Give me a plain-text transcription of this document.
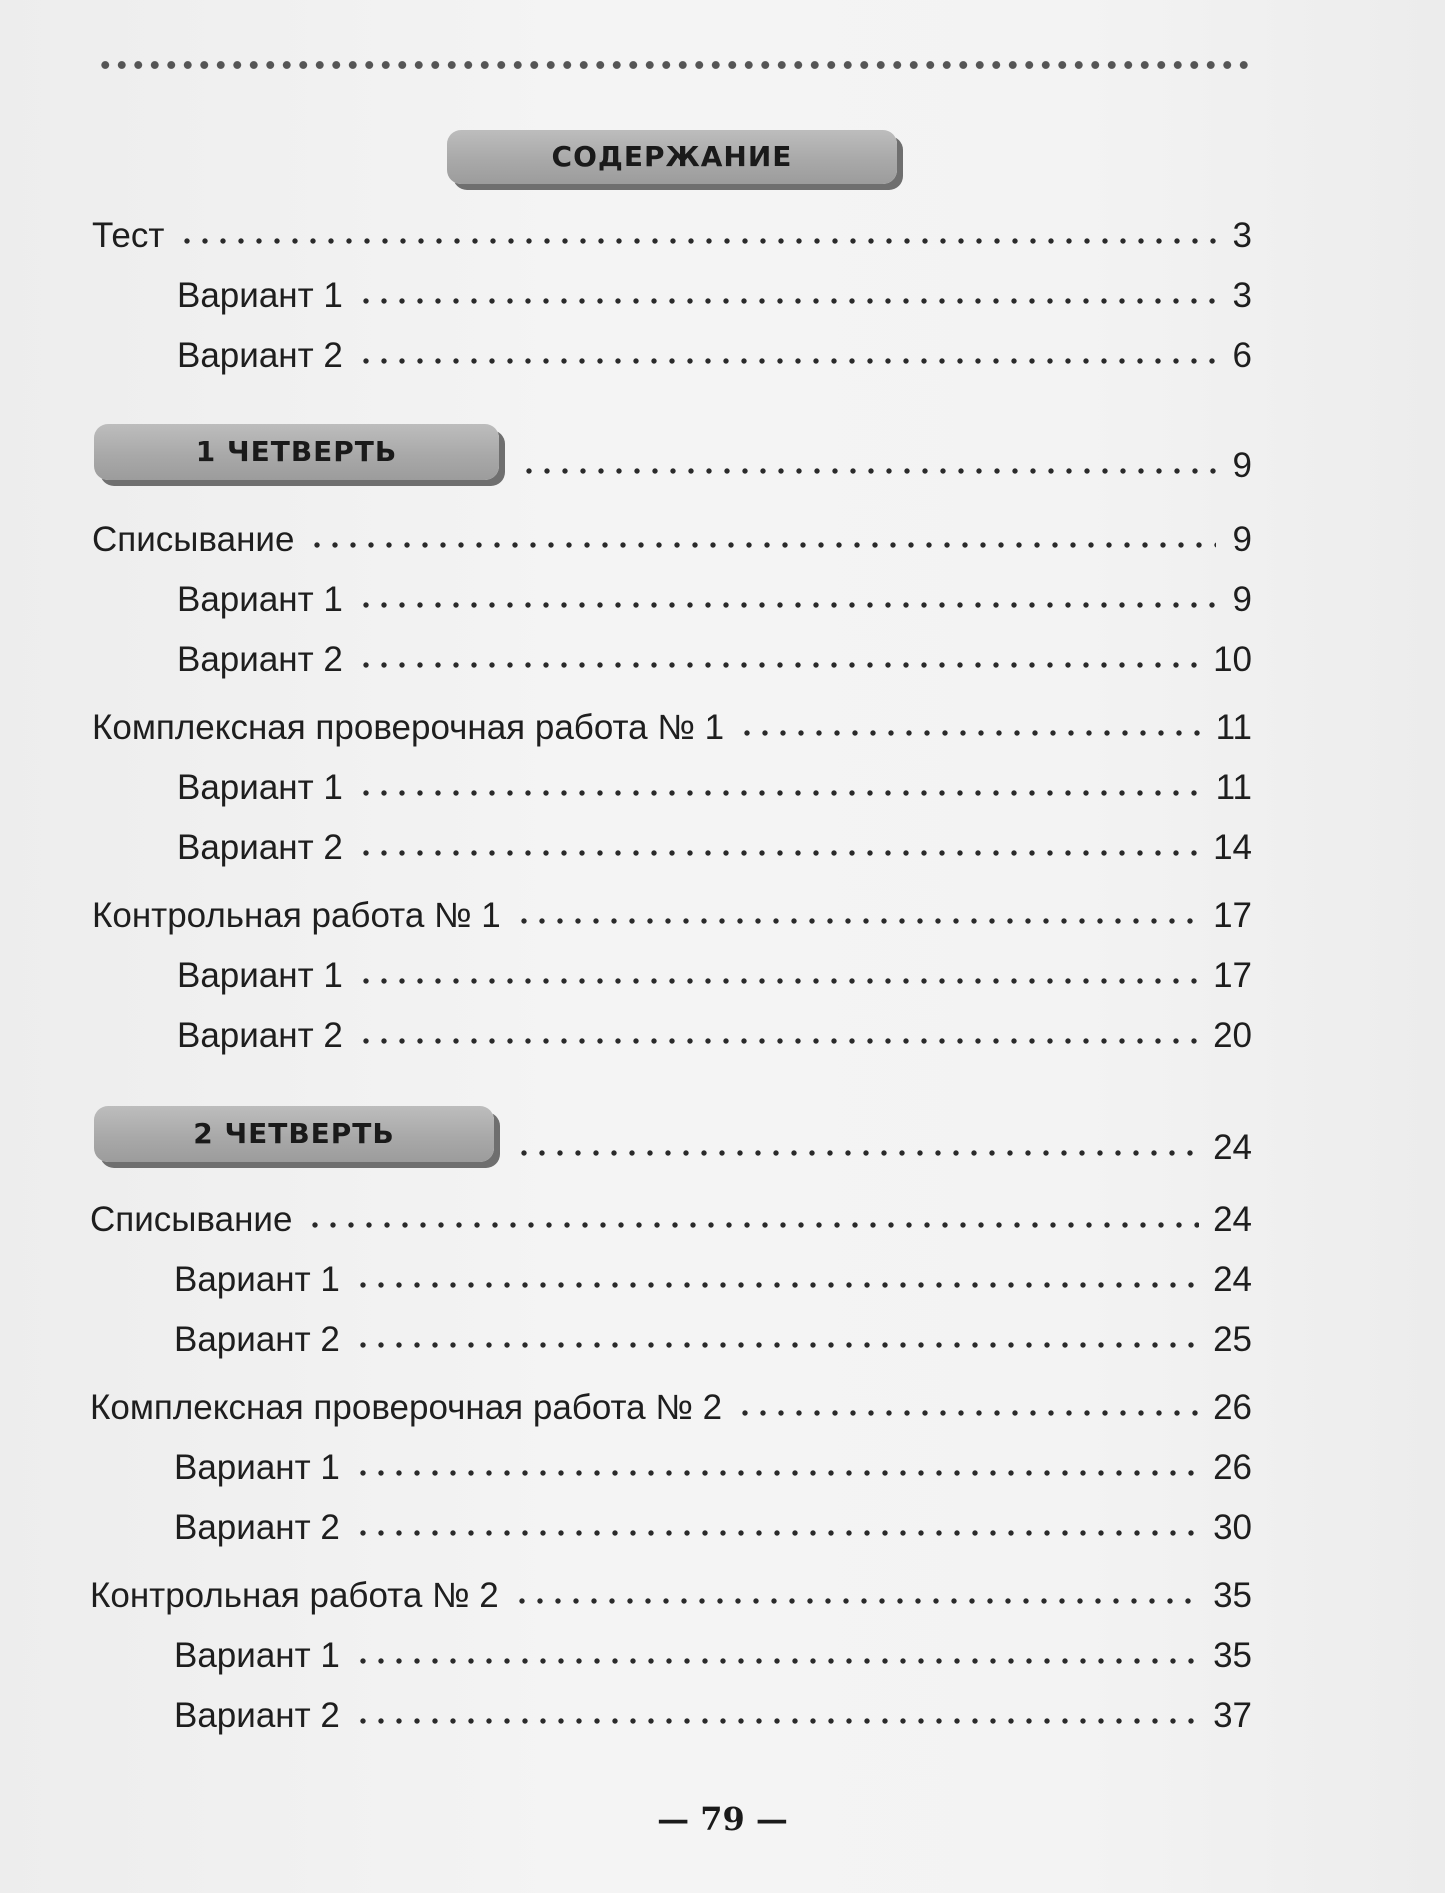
СОДЕРЖАНИЕ
Тест	3
Вариант 1	3
Вариант 2	6
1 ЧЕТВЕРТЬ	9
Списывание	9
Вариант 1	9
Вариант 2	10
Комплексная проверочная работа № 1	11
Вариант 1	11
Вариант 2	14
Контрольная работа № 1	17
Вариант 1	17
Вариант 2	20
2 ЧЕТВЕРТЬ	24
Списывание	24
Вариант 1	24
Вариант 2	25
Комплексная проверочная работа № 2	26
Вариант 1	26
Вариант 2	30
Контрольная работа № 2	35
Вариант 1	35
Вариант 2	37
— 79 —
